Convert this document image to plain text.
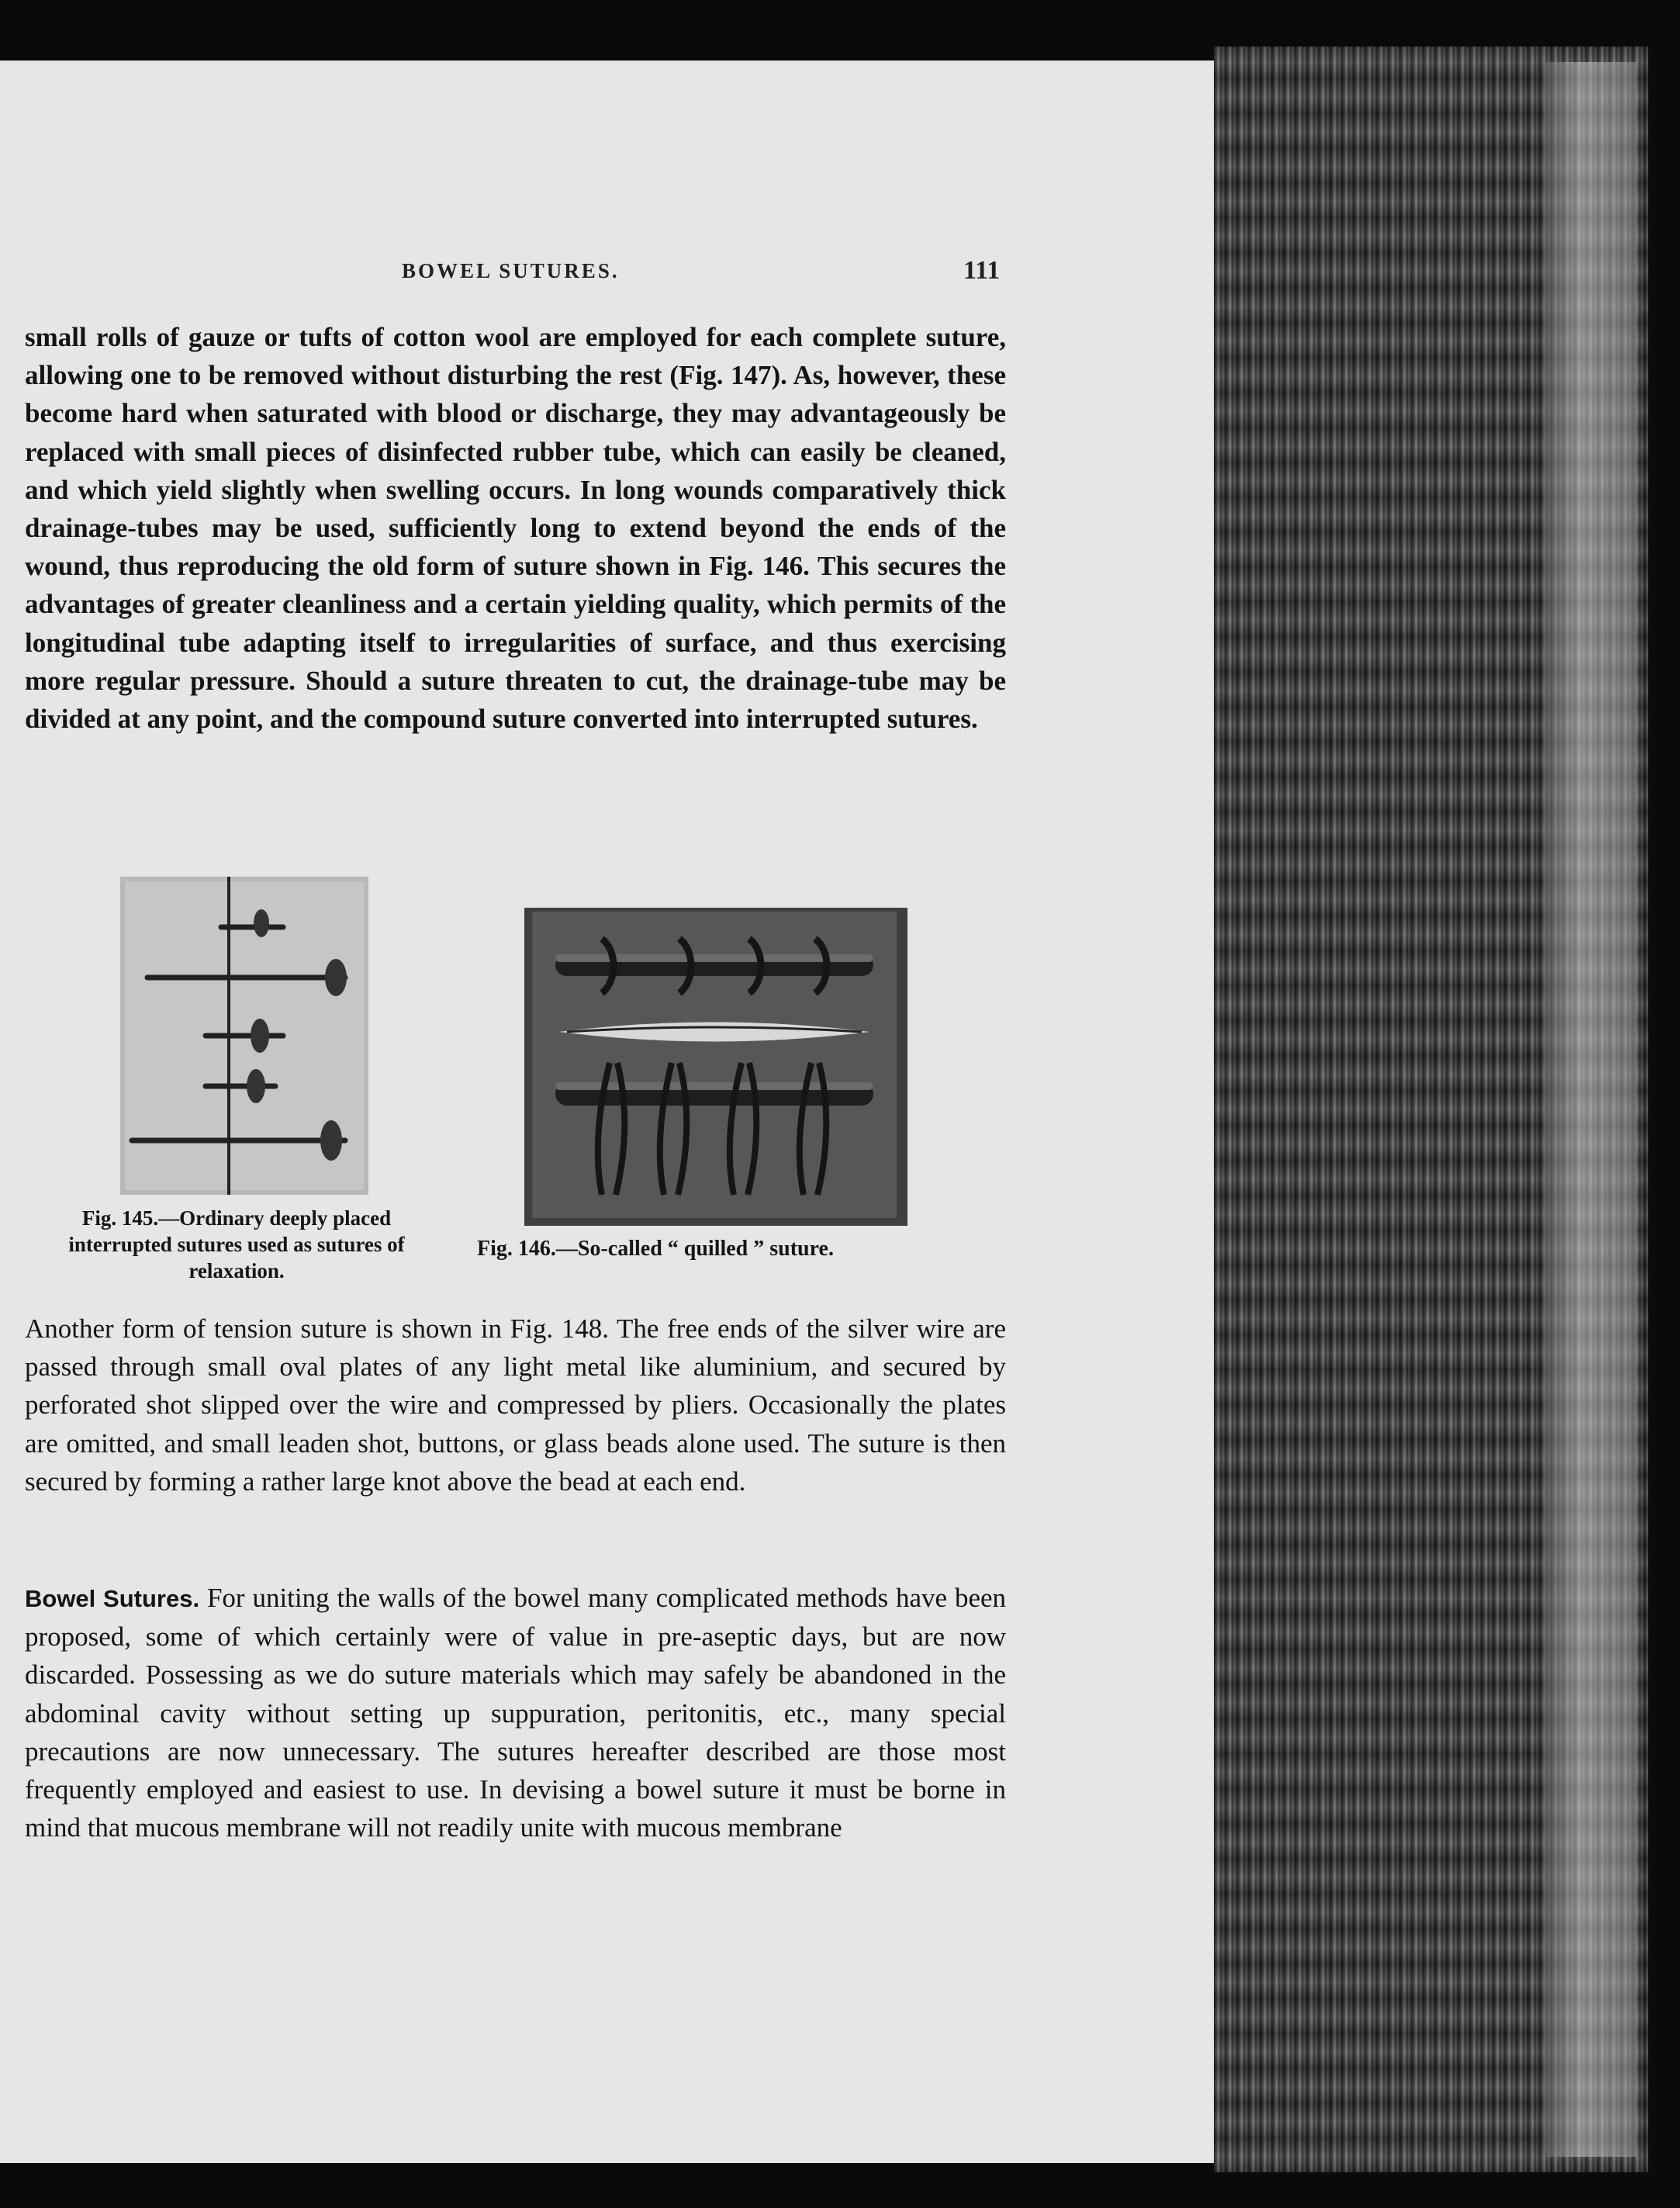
BOWEL SUTURES.	111

small rolls of gauze or tufts of cotton wool are employed for each complete suture, allowing one to be removed without disturbing the rest (Fig. 147). As, however, these become hard when saturated with blood or discharge, they may advantageously be replaced with small pieces of disinfected rubber tube, which can easily be cleaned, and which yield slightly when swelling occurs. In long wounds comparatively thick drainage-tubes may be used, sufficiently long to extend beyond the ends of the wound, thus reproducing the old form of suture shown in Fig. 146. This secures the advantages of greater cleanliness and a certain yielding quality, which permits of the longitudinal tube adapting itself to irregularities of surface, and thus exercising more regular pressure. Should a suture threaten to cut, the drainage-tube may be divided at any point, and the compound suture converted into interrupted sutures.

Fig. 145.—Ordinary deeply placed interrupted sutures used as sutures of relaxation.
Fig. 146.—So-called “ quilled ” suture.

Another form of tension suture is shown in Fig. 148. The free ends of the silver wire are passed through small oval plates of any light metal like aluminium, and secured by perforated shot slipped over the wire and compressed by pliers. Occasionally the plates are omitted, and small leaden shot, buttons, or glass beads alone used. The suture is then secured by forming a rather large knot above the bead at each end.

Bowel Sutures. For uniting the walls of the bowel many complicated methods have been proposed, some of which certainly were of value in pre-aseptic days, but are now discarded. Possessing as we do suture materials which may safely be abandoned in the abdominal cavity without setting up suppuration, peritonitis, etc., many special precautions are now unnecessary. The sutures hereafter described are those most frequently employed and easiest to use. In devising a bowel suture it must be borne in mind that mucous membrane will not readily unite with mucous membrane
